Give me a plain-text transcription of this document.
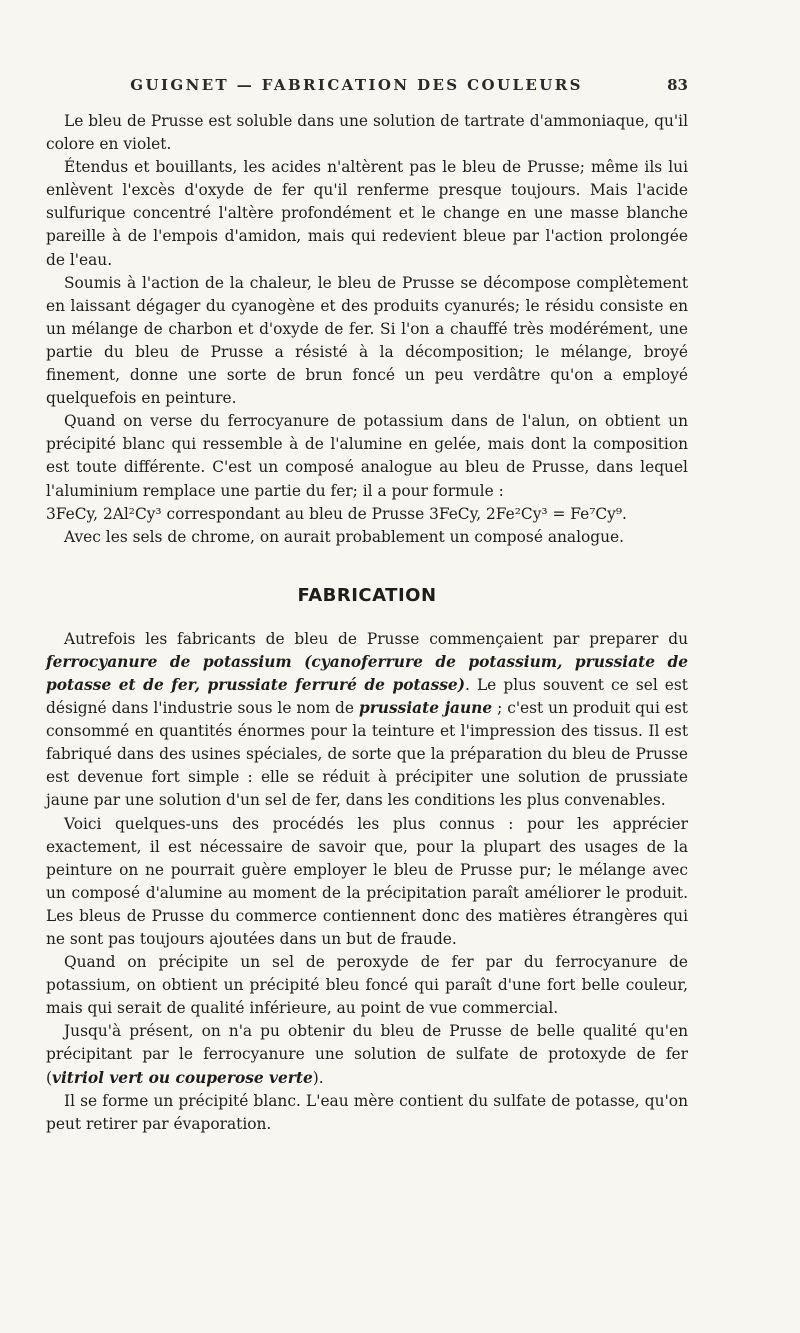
GUIGNET — FABRICATION DES COULEURS	83

Le bleu de Prusse est soluble dans une solution de tartrate d'ammoniaque, qu'il colore en violet.

Étendus et bouillants, les acides n'altèrent pas le bleu de Prusse; même ils lui enlèvent l'excès d'oxyde de fer qu'il renferme presque toujours. Mais l'acide sulfurique concentré l'altère profondément et le change en une masse blanche pareille à de l'empois d'amidon, mais qui redevient bleue par l'action prolongée de l'eau.

Soumis à l'action de la chaleur, le bleu de Prusse se décompose complètement en laissant dégager du cyanogène et des produits cyanurés; le résidu consiste en un mélange de charbon et d'oxyde de fer. Si l'on a chauffé très modérément, une partie du bleu de Prusse a résisté à la décomposition; le mélange, broyé finement, donne une sorte de brun foncé un peu verdâtre qu'on a employé quelquefois en peinture.

Quand on verse du ferrocyanure de potassium dans de l'alun, on obtient un précipité blanc qui ressemble à de l'alumine en gelée, mais dont la composition est toute différente. C'est un composé analogue au bleu de Prusse, dans lequel l'aluminium remplace une partie du fer; il a pour formule :

3FeCy, 2Al²Cy³ correspondant au bleu de Prusse 3FeCy, 2Fe²Cy³ = Fe⁷Cy⁹.

Avec les sels de chrome, on aurait probablement un composé analogue.

FABRICATION

Autrefois les fabricants de bleu de Prusse commençaient par preparer du ferrocyanure de potassium (cyanoferrure de potassium, prussiate de potasse et de fer, prussiate ferruré de potasse). Le plus souvent ce sel est désigné dans l'industrie sous le nom de prussiate jaune ; c'est un produit qui est consommé en quantités énormes pour la teinture et l'impression des tissus. Il est fabriqué dans des usines spéciales, de sorte que la préparation du bleu de Prusse est devenue fort simple : elle se réduit à précipiter une solution de prussiate jaune par une solution d'un sel de fer, dans les conditions les plus convenables.

Voici quelques-uns des procédés les plus connus : pour les apprécier exactement, il est nécessaire de savoir que, pour la plupart des usages de la peinture on ne pourrait guère employer le bleu de Prusse pur; le mélange avec un composé d'alumine au moment de la précipitation paraît améliorer le produit. Les bleus de Prusse du commerce contiennent donc des matières étrangères qui ne sont pas toujours ajoutées dans un but de fraude.

Quand on précipite un sel de peroxyde de fer par du ferrocyanure de potassium, on obtient un précipité bleu foncé qui paraît d'une fort belle couleur, mais qui serait de qualité inférieure, au point de vue commercial.

Jusqu'à présent, on n'a pu obtenir du bleu de Prusse de belle qualité qu'en précipitant par le ferrocyanure une solution de sulfate de protoxyde de fer (vitriol vert ou couperose verte).

Il se forme un précipité blanc. L'eau mère contient du sulfate de potasse, qu'on peut retirer par évaporation.
